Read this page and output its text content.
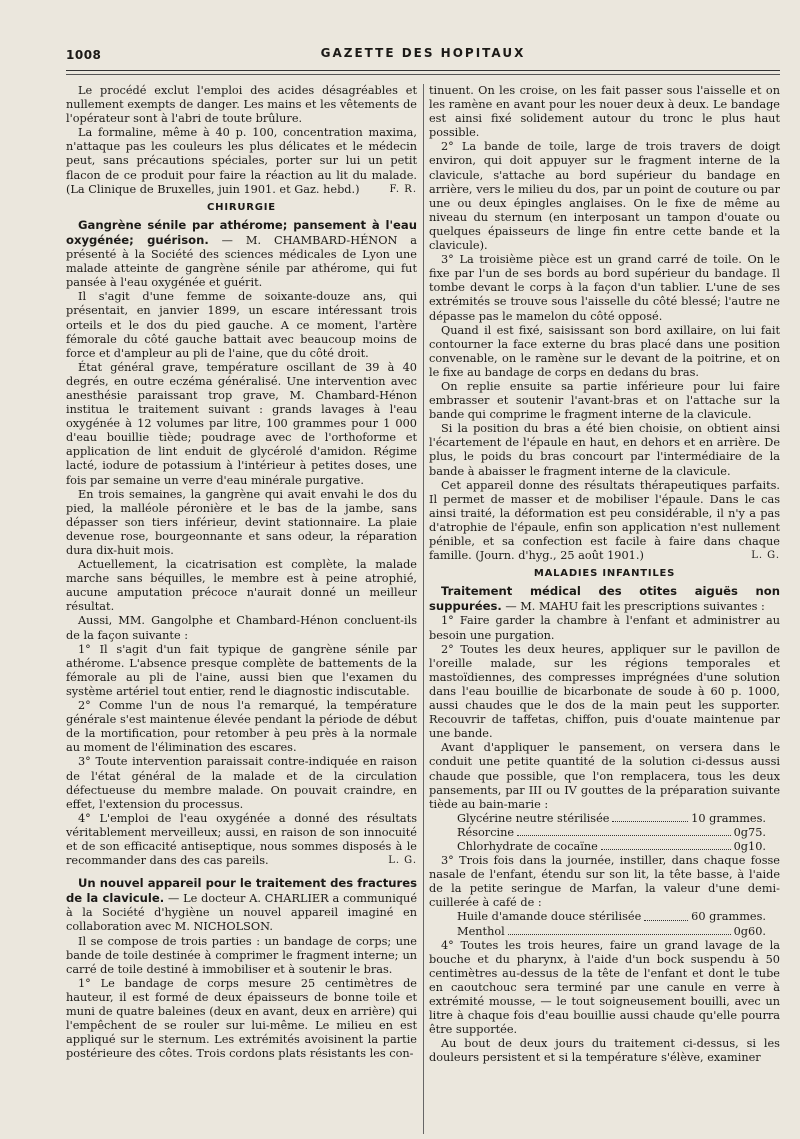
1008	GAZETTE DES HOPITAUX

Le procédé exclut l'emploi des acides désagréables et nullement exempts de danger. Les mains et les vêtements de l'opérateur sont à l'abri de toute brûlure.

La formaline, même à 40 p. 100, concentration maxima, n'attaque pas les couleurs les plus délicates et le médecin peut, sans précautions spéciales, porter sur lui un petit flacon de ce produit pour faire la réaction au lit du malade. (La Clinique de Bruxelles, juin 1901. et Gaz. hebd.)	F. R.

CHIRURGIE

Gangrène sénile par athérome; pansement à l'eau oxygénée; guérison. — M. CHAMBARD-HÉNON a présenté à la Société des sciences médicales de Lyon une malade atteinte de gangrène sénile par athérome, qui fut pansée à l'eau oxygénée et guérit.

Il s'agit d'une femme de soixante-douze ans, qui présentait, en janvier 1899, un escare intéressant trois orteils et le dos du pied gauche. A ce moment, l'artère fémorale du côté gauche battait avec beaucoup moins de force et d'ampleur au pli de l'aine, que du côté droit.

État général grave, température oscillant de 39 à 40 degrés, en outre eczéma généralisé. Une intervention avec anesthésie paraissant trop grave, M. Chambard-Hénon institua le traitement suivant : grands lavages à l'eau oxygénée à 12 volumes par litre, 100 grammes pour 1 000 d'eau bouillie tiède; poudrage avec de l'orthoforme et application de lint enduit de glycérolé d'amidon. Régime lacté, iodure de potassium à l'intérieur à petites doses, une fois par semaine un verre d'eau minérale purgative.

En trois semaines, la gangrène qui avait envahi le dos du pied, la malléole péronière et le bas de la jambe, sans dépasser son tiers inférieur, devint stationnaire. La plaie devenue rose, bourgeonnante et sans odeur, la réparation dura dix-huit mois.

Actuellement, la cicatrisation est complète, la malade marche sans béquilles, le membre est à peine atrophié, aucune amputation précoce n'aurait donné un meilleur résultat.

Aussi, MM. Gangolphe et Chambard-Hénon concluent-ils de la façon suivante :

1° Il s'agit d'un fait typique de gangrène sénile par athérome. L'absence presque complète de battements de la fémorale au pli de l'aine, aussi bien que l'examen du système artériel tout entier, rend le diagnostic indiscutable.

2° Comme l'un de nous l'a remarqué, la température générale s'est maintenue élevée pendant la période de début de la mortification, pour retomber à peu près à la normale au moment de l'élimination des escares.

3° Toute intervention paraissait contre-indiquée en raison de l'état général de la malade et de la circulation défectueuse du membre malade. On pouvait craindre, en effet, l'extension du processus.

4° L'emploi de l'eau oxygénée a donné des résultats véritablement merveilleux; aussi, en raison de son innocuité et de son efficacité antiseptique, nous sommes disposés à le recommander dans des cas pareils.	L. G.

Un nouvel appareil pour le traitement des fractures de la clavicule. — Le docteur A. CHARLIER a communiqué à la Société d'hygiène un nouvel appareil imaginé en collaboration avec M. NICHOLSON.

Il se compose de trois parties : un bandage de corps; une bande de toile destinée à comprimer le fragment interne; un carré de toile destiné à immobiliser et à soutenir le bras.

1° Le bandage de corps mesure 25 centimètres de hauteur, il est formé de deux épaisseurs de bonne toile et muni de quatre baleines (deux en avant, deux en arrière) qui l'empêchent de se rouler sur lui-même. Le milieu en est appliqué sur le sternum. Les extrémités avoisinent la partie postérieure des côtes. Trois cordons plats résistants les con-

tinuent. On les croise, on les fait passer sous l'aisselle et on les ramène en avant pour les nouer deux à deux. Le bandage est ainsi fixé solidement autour du tronc le plus haut possible.

2° La bande de toile, large de trois travers de doigt environ, qui doit appuyer sur le fragment interne de la clavicule, s'attache au bord supérieur du bandage en arrière, vers le milieu du dos, par un point de couture ou par une ou deux épingles anglaises. On le fixe de même au niveau du sternum (en interposant un tampon d'ouate ou quelques épaisseurs de linge fin entre cette bande et la clavicule).

3° La troisième pièce est un grand carré de toile. On le fixe par l'un de ses bords au bord supérieur du bandage. Il tombe devant le corps à la façon d'un tablier. L'une de ses extrémités se trouve sous l'aisselle du côté blessé; l'autre ne dépasse pas le mamelon du côté opposé.

Quand il est fixé, saisissant son bord axillaire, on lui fait contourner la face externe du bras placé dans une position convenable, on le ramène sur le devant de la poitrine, et on le fixe au bandage de corps en dedans du bras.

On replie ensuite sa partie inférieure pour lui faire embrasser et soutenir l'avant-bras et on l'attache sur la bande qui comprime le fragment interne de la clavicule.

Si la position du bras a été bien choisie, on obtient ainsi l'écartement de l'épaule en haut, en dehors et en arrière. De plus, le poids du bras concourt par l'intermédiaire de la bande à abaisser le fragment interne de la clavicule.

Cet appareil donne des résultats thérapeutiques parfaits. Il permet de masser et de mobiliser l'épaule. Dans le cas ainsi traité, la déformation est peu considérable, il n'y a pas d'atrophie de l'épaule, enfin son application n'est nullement pénible, et sa confection est facile à faire dans chaque famille. (Journ. d'hyg., 25 août 1901.)	L. G.

MALADIES INFANTILES

Traitement médical des otites aiguës non suppurées. — M. MAHU fait les prescriptions suivantes :

1° Faire garder la chambre à l'enfant et administrer au besoin une purgation.

2° Toutes les deux heures, appliquer sur le pavillon de l'oreille malade, sur les régions temporales et mastoïdiennes, des compresses imprégnées d'une solution dans l'eau bouillie de bicarbonate de soude à 60 p. 1000, aussi chaudes que le dos de la main peut les supporter. Recouvrir de taffetas, chiffon, puis d'ouate maintenue par une bande.

Avant d'appliquer le pansement, on versera dans le conduit une petite quantité de la solution ci-dessus aussi chaude que possible, que l'on remplacera, tous les deux pansements, par III ou IV gouttes de la préparation suivante tiède au bain-marie :

Glycérine neutre stérilisée	10 grammes.
Résorcine	0g75.
Chlorhydrate de cocaïne	0g10.

3° Trois fois dans la journée, instiller, dans chaque fosse nasale de l'enfant, étendu sur son lit, la tête basse, à l'aide de la petite seringue de Marfan, la valeur d'une demi-cuillerée à café de :

Huile d'amande douce stérilisée	60 grammes.
Menthol	0g60.

4° Toutes les trois heures, faire un grand lavage de la bouche et du pharynx, à l'aide d'un bock suspendu à 50 centimètres au-dessus de la tête de l'enfant et dont le tube en caoutchouc sera terminé par une canule en verre à extrémité mousse, — le tout soigneusement bouilli, avec un litre à chaque fois d'eau bouillie aussi chaude qu'elle pourra être supportée.

Au bout de deux jours du traitement ci-dessus, si les douleurs persistent et si la température s'élève, examiner
